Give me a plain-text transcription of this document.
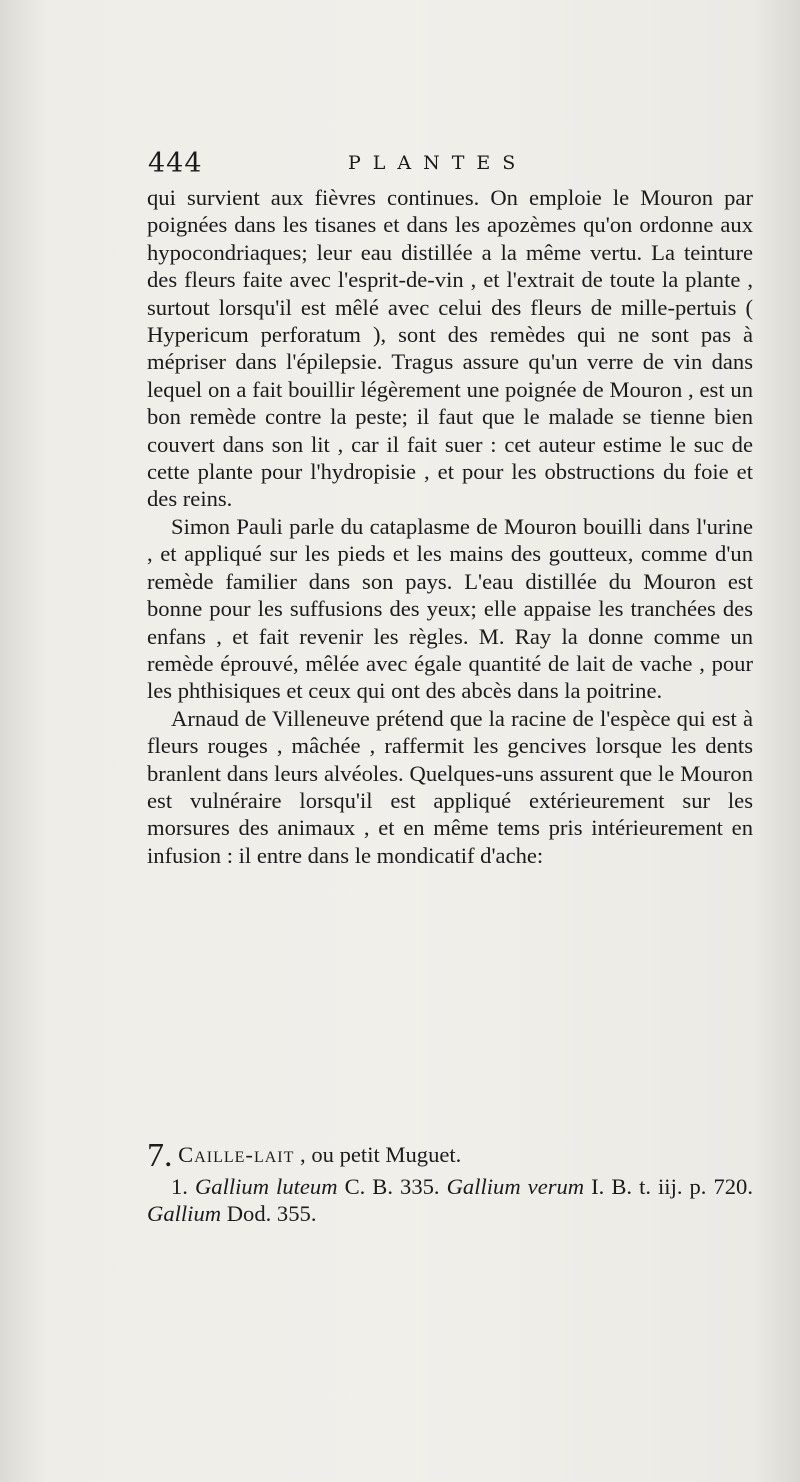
444	PLANTES

qui survient aux fièvres continues. On emploie le Mouron par poignées dans les tisanes et dans les apozèmes qu'on ordonne aux hypocondriaques; leur eau distillée a la même vertu. La teinture des fleurs faite avec l'esprit-de-vin , et l'extrait de toute la plante , surtout lorsqu'il est mêlé avec celui des fleurs de mille-pertuis ( Hypericum perforatum ), sont des remèdes qui ne sont pas à mépriser dans l'épilepsie. Tragus assure qu'un verre de vin dans lequel on a fait bouillir légèrement une poignée de Mouron , est un bon remède contre la peste; il faut que le malade se tienne bien couvert dans son lit , car il fait suer : cet auteur estime le suc de cette plante pour l'hydropisie , et pour les obstructions du foie et des reins.

Simon Pauli parle du cataplasme de Mouron bouilli dans l'urine , et appliqué sur les pieds et les mains des goutteux, comme d'un remède familier dans son pays. L'eau distillée du Mouron est bonne pour les suffusions des yeux; elle appaise les tranchées des enfans , et fait revenir les règles. M. Ray la donne comme un remède éprouvé, mêlée avec égale quantité de lait de vache , pour les phthisiques et ceux qui ont des abcès dans la poitrine.

Arnaud de Villeneuve prétend que la racine de l'espèce qui est à fleurs rouges , mâchée , raffermit les gencives lorsque les dents branlent dans leurs alvéoles. Quelques-uns assurent que le Mouron est vulnéraire lorsqu'il est appliqué extérieurement sur les morsures des animaux , et en même tems pris intérieurement en infusion : il entre dans le mondicatif d'ache:

7. Caille-lait , ou petit Muguet.
1. Gallium luteum C. B. 335. Gallium verum I. B. t. iij. p. 720. Gallium Dod. 355.
